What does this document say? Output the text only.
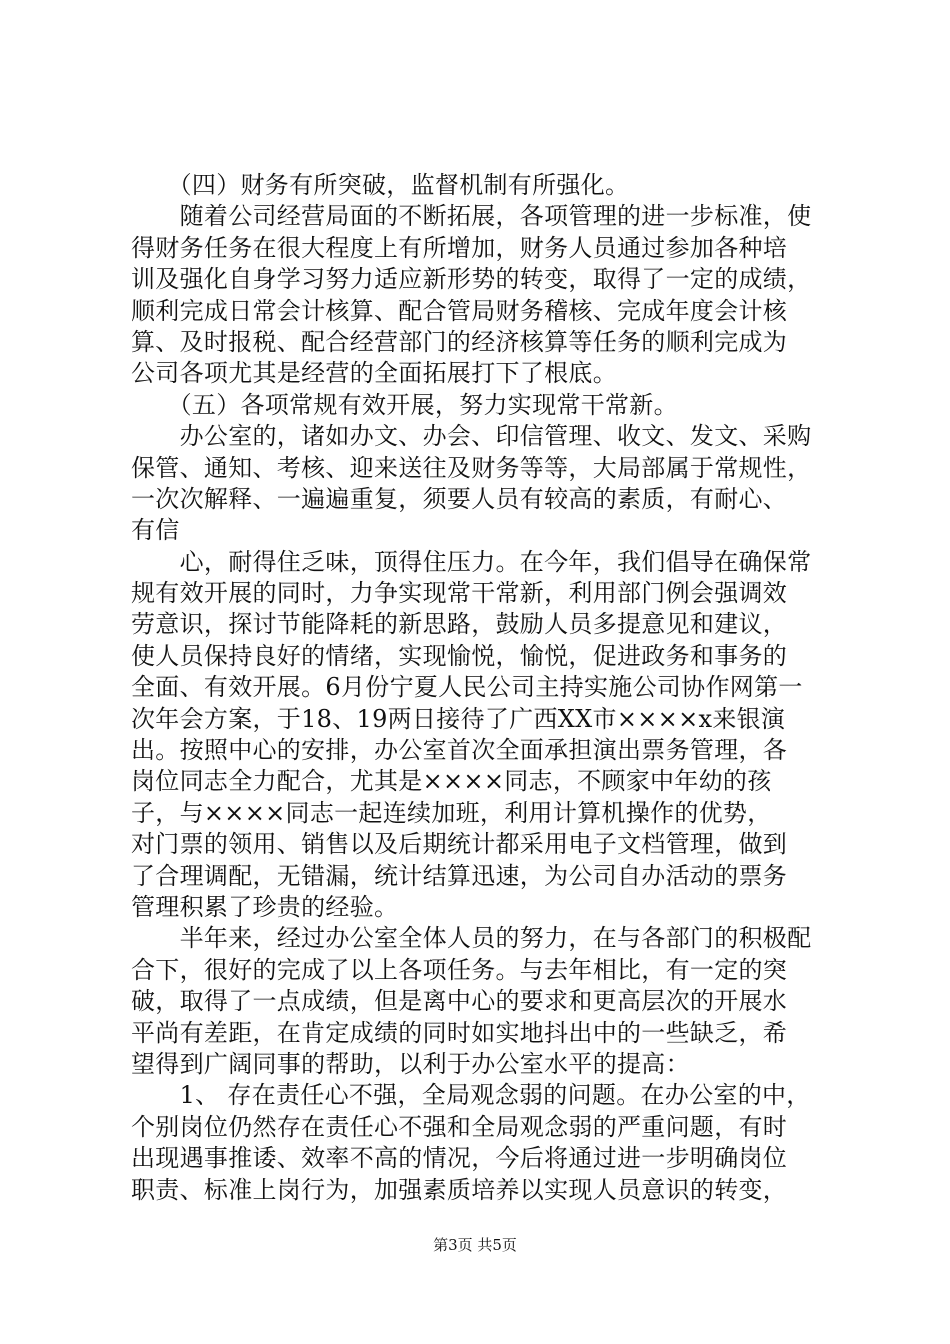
　　（四）财务有所突破，监督机制有所强化。
　　随着公司经营局面的不断拓展，各项管理的进一步标准，使
得财务任务在很大程度上有所增加，财务人员通过参加各种培
训及强化自身学习努力适应新形势的转变，取得了一定的成绩，
顺利完成日常会计核算、配合管局财务稽核、完成年度会计核
算、及时报税、配合经营部门的经济核算等任务的顺利完成为
公司各项尤其是经营的全面拓展打下了根底。
　　（五）各项常规有效开展，努力实现常干常新。
　　办公室的，诸如办文、办会、印信管理、收文、发文、采购
保管、通知、考核、迎来送往及财务等等，大局部属于常规性，
一次次解释、一遍遍重复，须要人员有较高的素质，有耐心、
有信
　　心，耐得住乏味，顶得住压力。在今年，我们倡导在确保常
规有效开展的同时，力争实现常干常新，利用部门例会强调效
劳意识，探讨节能降耗的新思路，鼓励人员多提意见和建议，
使人员保持良好的情绪，实现愉悦，愉悦，促进政务和事务的
全面、有效开展。6月份宁夏人民公司主持实施公司协作网第一
次年会方案，于18、19两日接待了广西XX市××××x来银演
出。按照中心的安排，办公室首次全面承担演出票务管理，各
岗位同志全力配合，尤其是××××同志，不顾家中年幼的孩
子，与××××同志一起连续加班，利用计算机操作的优势，
对门票的领用、销售以及后期统计都采用电子文档管理，做到
了合理调配，无错漏，统计结算迅速，为公司自办活动的票务
管理积累了珍贵的经验。
　　半年来，经过办公室全体人员的努力，在与各部门的积极配
合下，很好的完成了以上各项任务。与去年相比，有一定的突
破，取得了一点成绩，但是离中心的要求和更高层次的开展水
平尚有差距，在肯定成绩的同时如实地抖出中的一些缺乏，希
望得到广阔同事的帮助，以利于办公室水平的提高：
　　1、 存在责任心不强，全局观念弱的问题。在办公室的中，
个别岗位仍然存在责任心不强和全局观念弱的严重问题，有时
出现遇事推诿、效率不高的情况，今后将通过进一步明确岗位
职责、标准上岗行为，加强素质培养以实现人员意识的转变，
第3页 共5页
